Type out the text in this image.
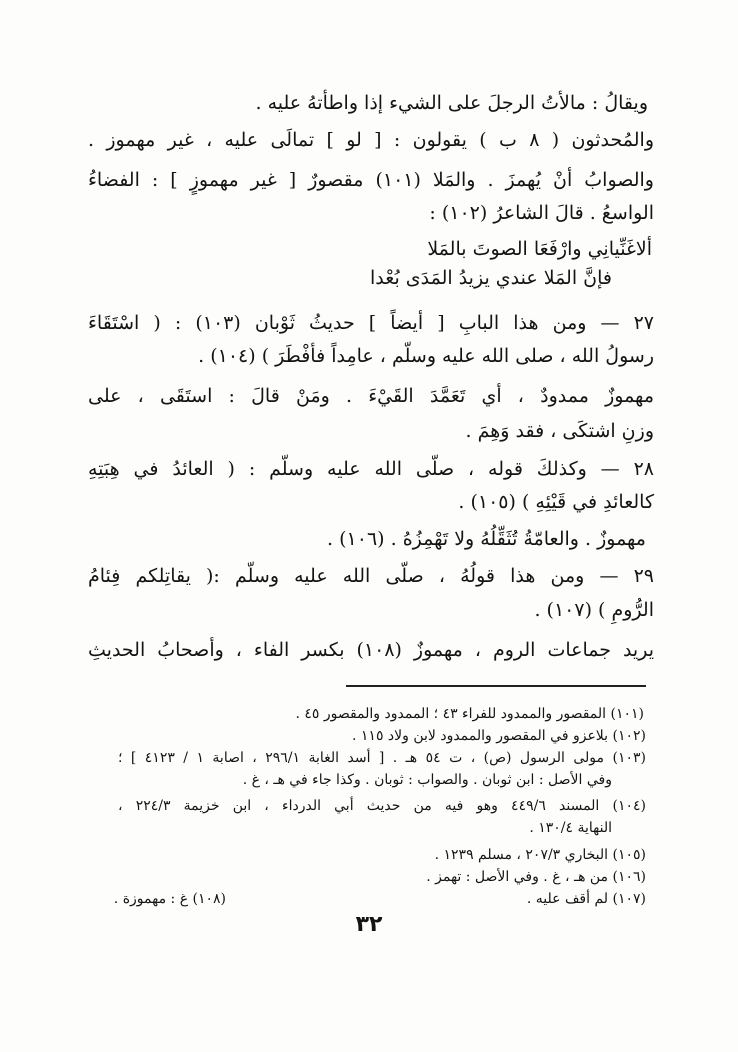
ويقالُ : مالأتُ الرجلَ على الشيء إذا واطأتهُ عليه .
والمُحدثون ( ٨ ب ) يقولون : [ لو ] تمالَى عليه ، غير مهموز .
والصوابُ أنْ يُهمزَ . والمَلا (١٠١) مقصورٌ [ غير مهموزٍ ] : الفضاءُ
الواسعُ . قالَ الشاعرُ (١٠٢) :
ألاغَنِّيانِي وارْفَعَا الصوتَ بالمَلا
فإنَّ المَلا عندي يزيدُ المَدَى بُعْدا
٢٧ — ومن هذا البابِ [ أيضاً ] حديثُ ثَوْبان (١٠٣) : ( اسْتَقَاءَ
رسولُ الله ، صلى الله عليه وسلّم ، عامِداً فأفْطَرَ ) (١٠٤) .
مهموزٌ ممدودٌ ، أي تَعَمَّدَ القَيْءَ . ومَنْ قالَ : استَقَى ، على
وزنِ اشتكَى ، فقد وَهِمَ .
٢٨ — وكذلكَ قوله ، صلّى الله عليه وسلّم : ( العائدُ في هِبَتِهِ
كالعائدِ في قَيْئِهِ ) (١٠٥) .
مهموزٌ . والعامّةُ تُثَقِّلُهُ ولا تَهْمِزُهُ . (١٠٦) .
٢٩ — ومن هذا قولُهُ ، صلّى الله عليه وسلّم :( يقاتِلكم فِئامُ
الرُّومِ ) (١٠٧) .
يريد جماعات الروم ، مهموزٌ (١٠٨) بكسر الفاء ، وأصحابُ الحديثِ
(١٠١) المقصور والممدود للفراء ٤٣ ؛ الممدود والمقصور ٤٥ .
(١٠٢) بلاعزو في المقصور والممدود لابن ولاد ١١٥ .
(١٠٣) مولى الرسول (ص) ، ت ٥٤ هـ . [ أسد الغابة ٢٩٦/١ ، اصابة ١ / ٤١٢٣ ] ؛
وفي الأصل : ابن ثوبان . والصواب : ثوبان . وكذا جاء في هـ ، غ .
(١٠٤) المسند ٤٤٩/٦ وهو فيه من حديث أبي الدرداء ، ابن خزيمة ٢٢٤/٣ ،
النهاية ١٣٠/٤ .
(١٠٥) البخاري ٢٠٧/٣ ، مسلم ١٢٣٩ .
(١٠٦) من هـ ، غ . وفي الأصل : تهمز .
(١٠٧) لم أقف عليه .
(١٠٨) غ : مهموزة .
٣٢
